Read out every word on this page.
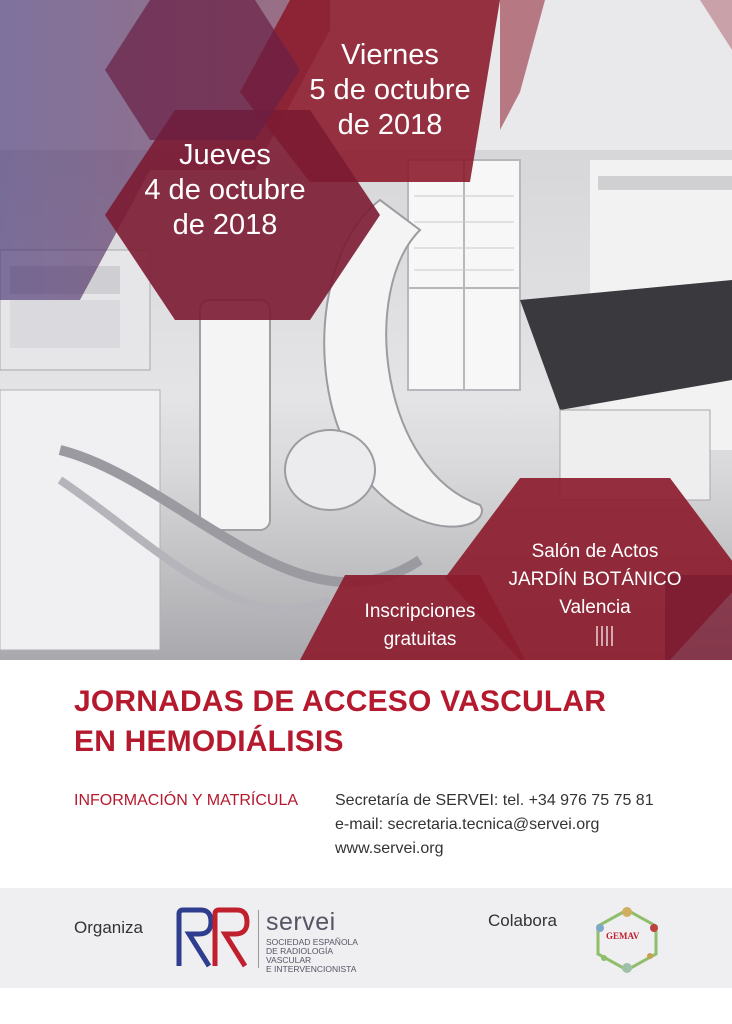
Viernes
5 de octubre
de 2018
Jueves
4 de octubre
de 2018
Salón de Actos
JARDÍN BOTÁNICO
Valencia
Inscripciones
gratuitas
JORNADAS DE ACCESO VASCULAR
EN HEMODIÁLISIS
INFORMACIÓN Y MATRÍCULA Secretaría de SERVEI: tel. +34 976 75 75 81
e-mail: secretaria.tecnica@servei.org
www.servei.org
Organiza	servei
SOCIEDAD ESPAÑOLA
DE RADIOLOGÍA
VASCULAR
E INTERVENCIONISTA
Colabora
GEMAV
